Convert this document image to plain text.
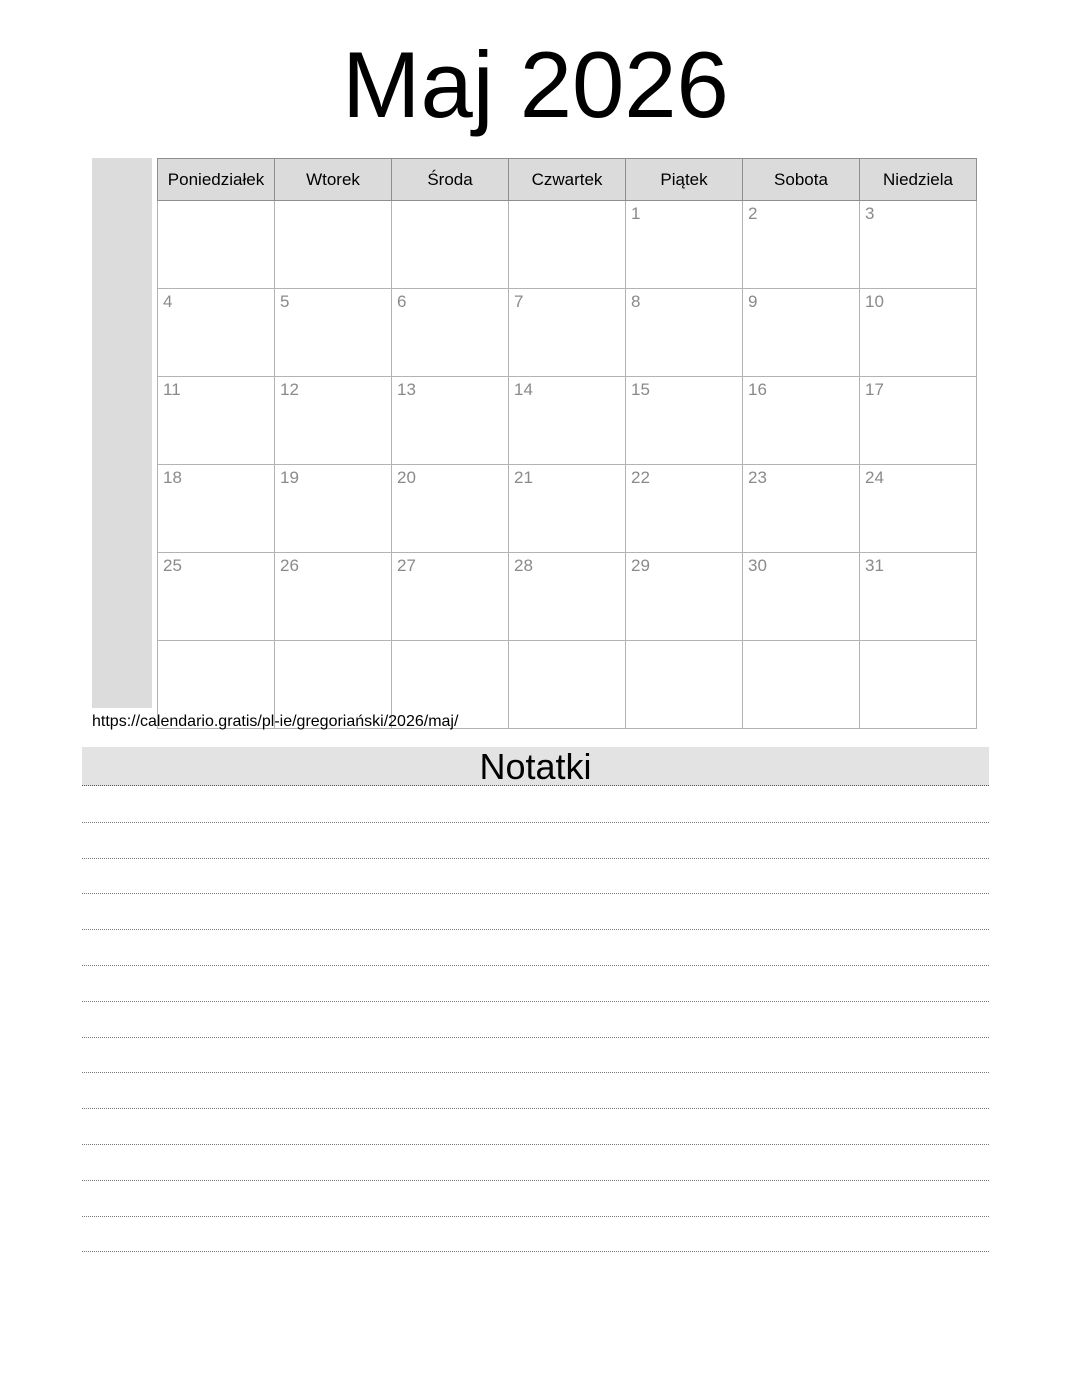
Maj 2026
Poniedziałek	Wtorek	Środa	Czwartek	Piątek	Sobota	Niedziela
				1	2	3
4	5	6	7	8	9	10
11	12	13	14	15	16	17
18	19	20	21	22	23	24
25	26	27	28	29	30	31

https://calendario.gratis/pl-ie/gregoriański/2026/maj/
Notatki
